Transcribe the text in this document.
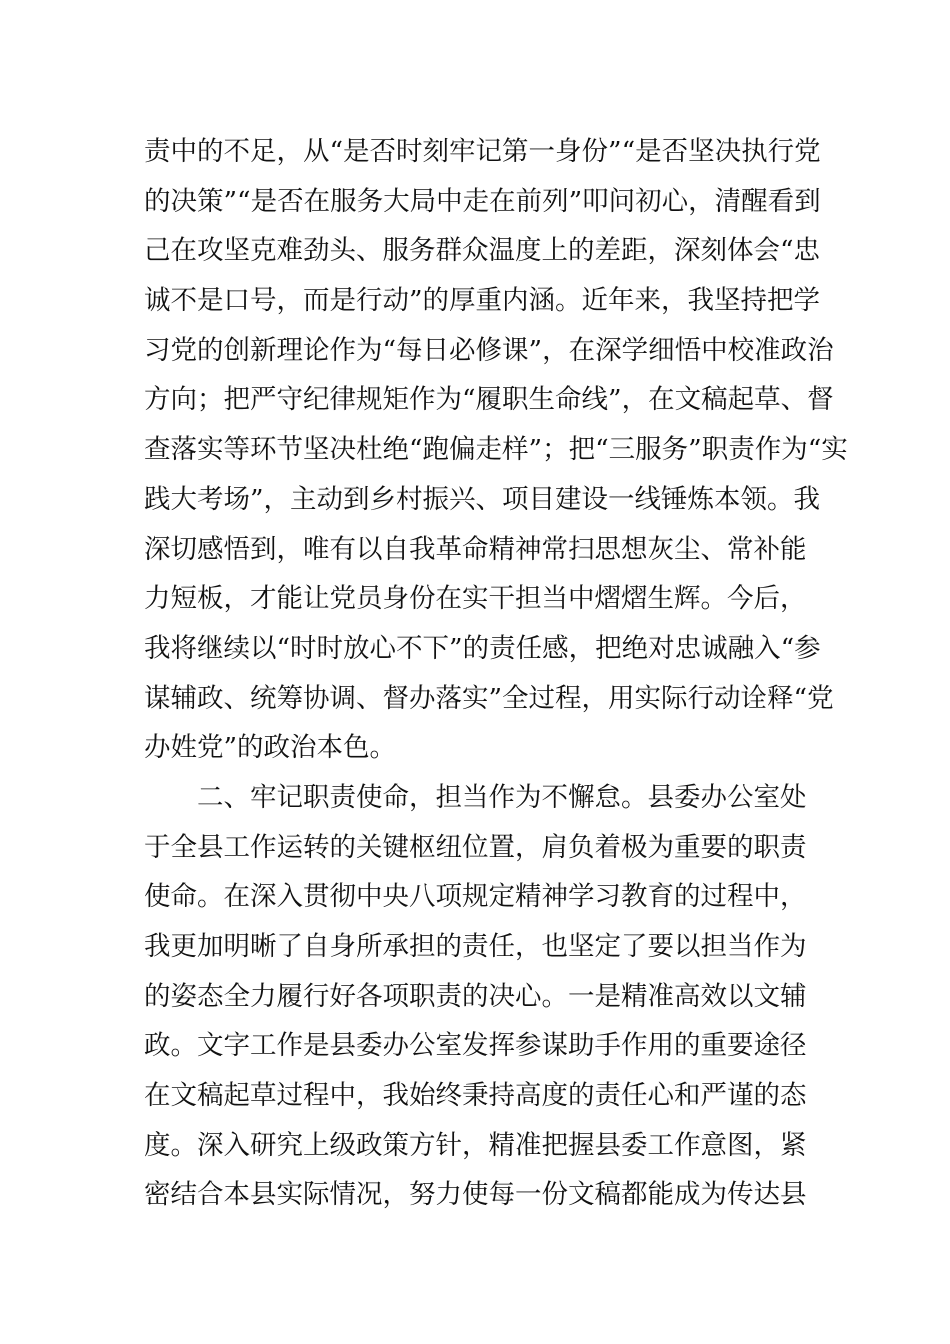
责中的不足，从“是否时刻牢记第一身份”“是否坚决执行党
的决策”“是否在服务大局中走在前列”叩问初心，清醒看到
己在攻坚克难劲头、服务群众温度上的差距，深刻体会“忠
诚不是口号，而是行动”的厚重内涵。近年来，我坚持把学
习党的创新理论作为“每日必修课”，在深学细悟中校准政治
方向；把严守纪律规矩作为“履职生命线”，在文稿起草、督
查落实等环节坚决杜绝“跑偏走样”；把“三服务”职责作为“实
践大考场”，主动到乡村振兴、项目建设一线锤炼本领。我
深切感悟到，唯有以自我革命精神常扫思想灰尘、常补能
力短板，才能让党员身份在实干担当中熠熠生辉。今后，
我将继续以“时时放心不下”的责任感，把绝对忠诚融入“参
谋辅政、统筹协调、督办落实”全过程，用实际行动诠释“党
办姓党”的政治本色。
二、牢记职责使命，担当作为不懈怠。县委办公室处
于全县工作运转的关键枢纽位置，肩负着极为重要的职责
使命。在深入贯彻中央八项规定精神学习教育的过程中，
我更加明晰了自身所承担的责任，也坚定了要以担当作为
的姿态全力履行好各项职责的决心。一是精准高效以文辅
政。文字工作是县委办公室发挥参谋助手作用的重要途径
在文稿起草过程中，我始终秉持高度的责任心和严谨的态
度。深入研究上级政策方针，精准把握县委工作意图，紧
密结合本县实际情况，努力使每一份文稿都能成为传达县
